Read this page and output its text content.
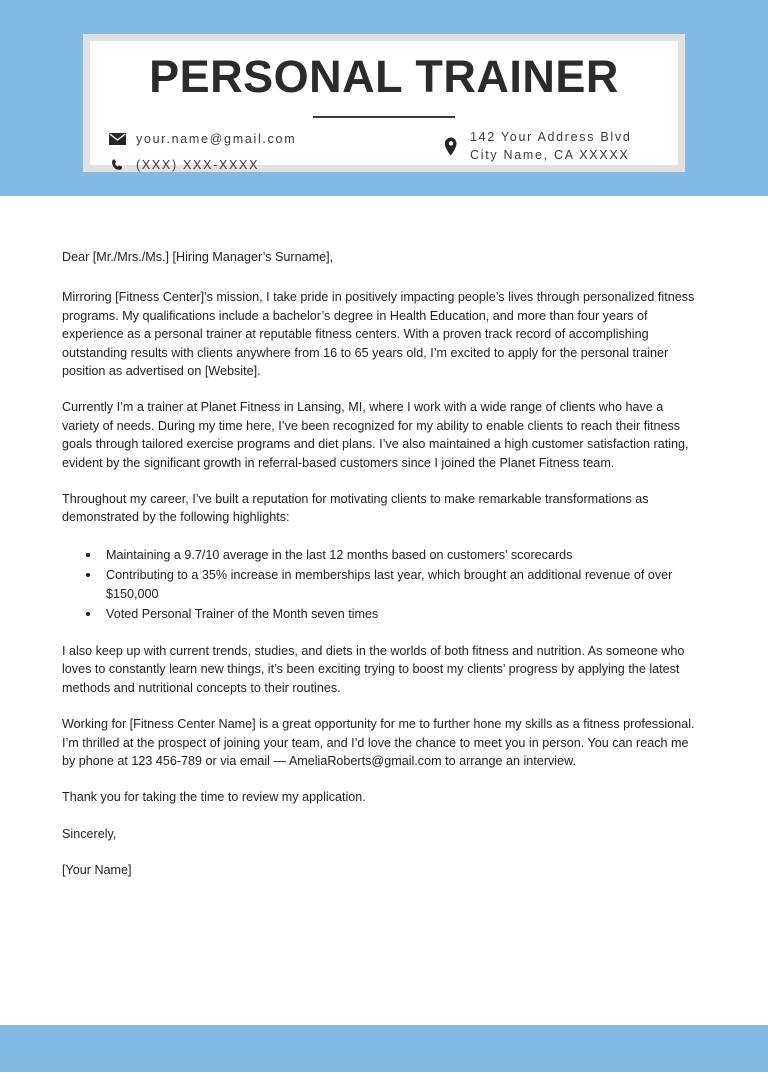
PERSONAL TRAINER
your.name@gmail.com
(XXX) XXX-XXXX
142 Your Address Blvd
City Name, CA XXXXX

Dear [Mr./Mrs./Ms.] [Hiring Manager’s Surname],

Mirroring [Fitness Center]’s mission, I take pride in positively impacting people’s lives through personalized fitness programs. My qualifications include a bachelor’s degree in Health Education, and more than four years of experience as a personal trainer at reputable fitness centers. With a proven track record of accomplishing outstanding results with clients anywhere from 16 to 65 years old, I’m excited to apply for the personal trainer position as advertised on [Website].

Currently I’m a trainer at Planet Fitness in Lansing, MI, where I work with a wide range of clients who have a variety of needs. During my time here, I’ve been recognized for my ability to enable clients to reach their fitness goals through tailored exercise programs and diet plans. I’ve also maintained a high customer satisfaction rating, evident by the significant growth in referral-based customers since I joined the Planet Fitness team.

Throughout my career, I’ve built a reputation for motivating clients to make remarkable transformations as demonstrated by the following highlights:

Maintaining a 9.7/10 average in the last 12 months based on customers’ scorecards
Contributing to a 35% increase in memberships last year, which brought an additional revenue of over $150,000
Voted Personal Trainer of the Month seven times

I also keep up with current trends, studies, and diets in the worlds of both fitness and nutrition. As someone who loves to constantly learn new things, it’s been exciting trying to boost my clients’ progress by applying the latest methods and nutritional concepts to their routines.

Working for [Fitness Center Name] is a great opportunity for me to further hone my skills as a fitness professional. I’m thrilled at the prospect of joining your team, and I’d love the chance to meet you in person. You can reach me by phone at 123 456-789 or via email — AmeliaRoberts@gmail.com to arrange an interview.

Thank you for taking the time to review my application.

Sincerely,

[Your Name]
